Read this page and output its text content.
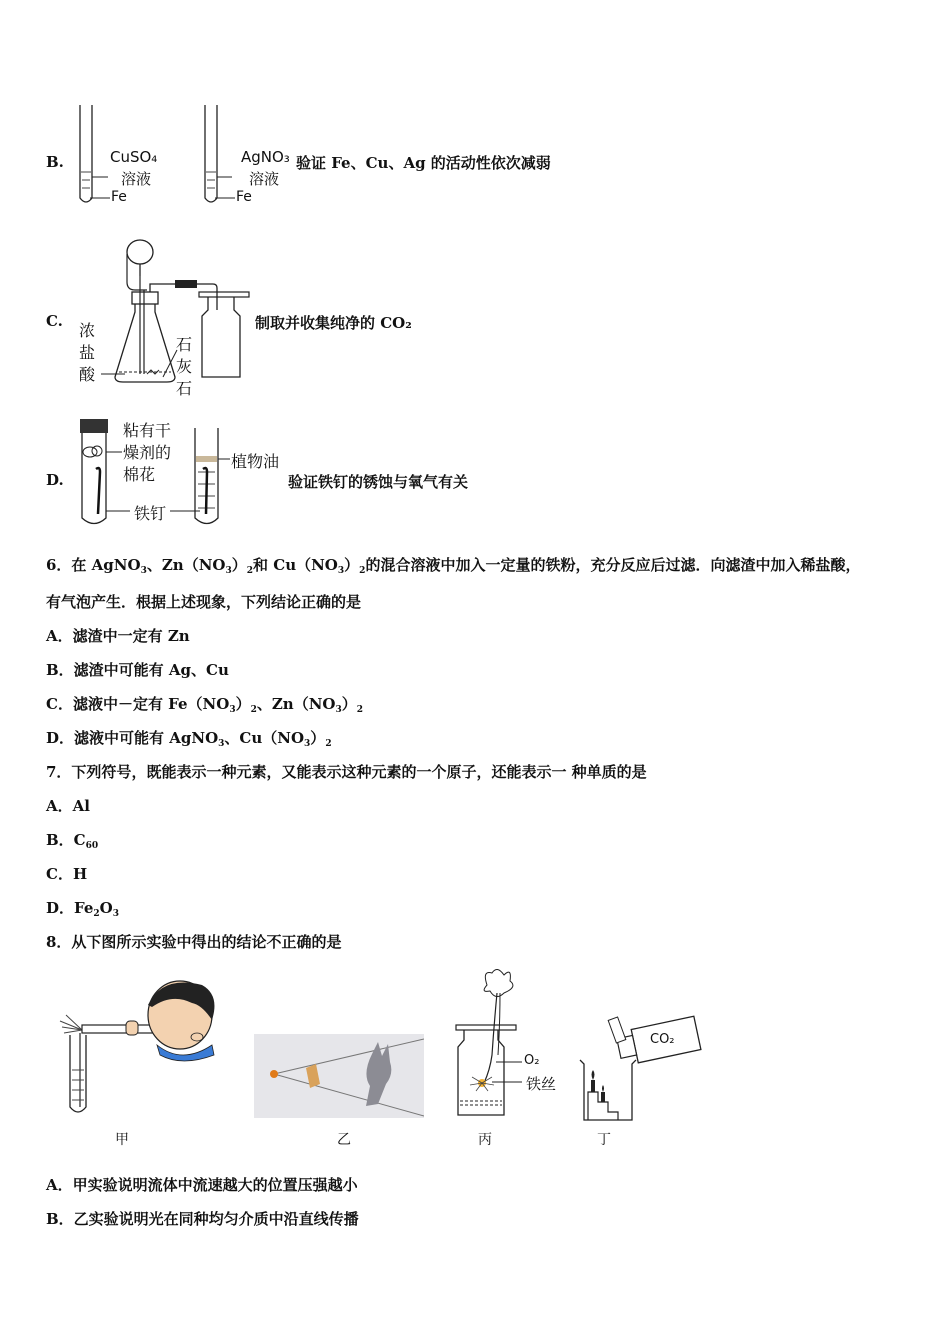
B.	CuSO₄
溶液
Fe
AgNO₃
溶液
Fe
验证 Fe、Cu、Ag 的活动性依次减弱
C. 浓
盐
酸
石
灰
石
制取并收集纯净的 CO₂
D.
粘有干
燥剂的
棉花
植物油
铁钉
验证铁钉的锈蚀与氧气有关
6．在 AgNO$_3$、$Zn(NO_3)_2$和 $Cu(NO_3)_2$的混合溶液中加入一定量的铁粉，充分反应后过滤．向滤渣中加入稀盐酸，
有气泡产生．根据上述现象，下列结论正确的是
A．滤渣中一定有 Zn
B．滤渣中可能有 Ag、Cu
C．滤液中－定有 $Fe(NO_3)_2$、$Zn(NO_3)_2$
D．滤液中可能有 AgNO$_3$、$Cu(NO_3)_2$
7．下列符号，既能表示一种元素，又能表示这种元素的一个原子，还能表示一 种单质的是
A．Al
B．$C_{60}$
C．H
D．$Fe_2O_3$
8．从下图所示实验中得出的结论不正确的是
甲	乙
O₂
铁丝
丙
CO₂
丁
A．甲实验说明流体中流速越大的位置压强越小
B．乙实验说明光在同种均匀介质中沿直线传播
